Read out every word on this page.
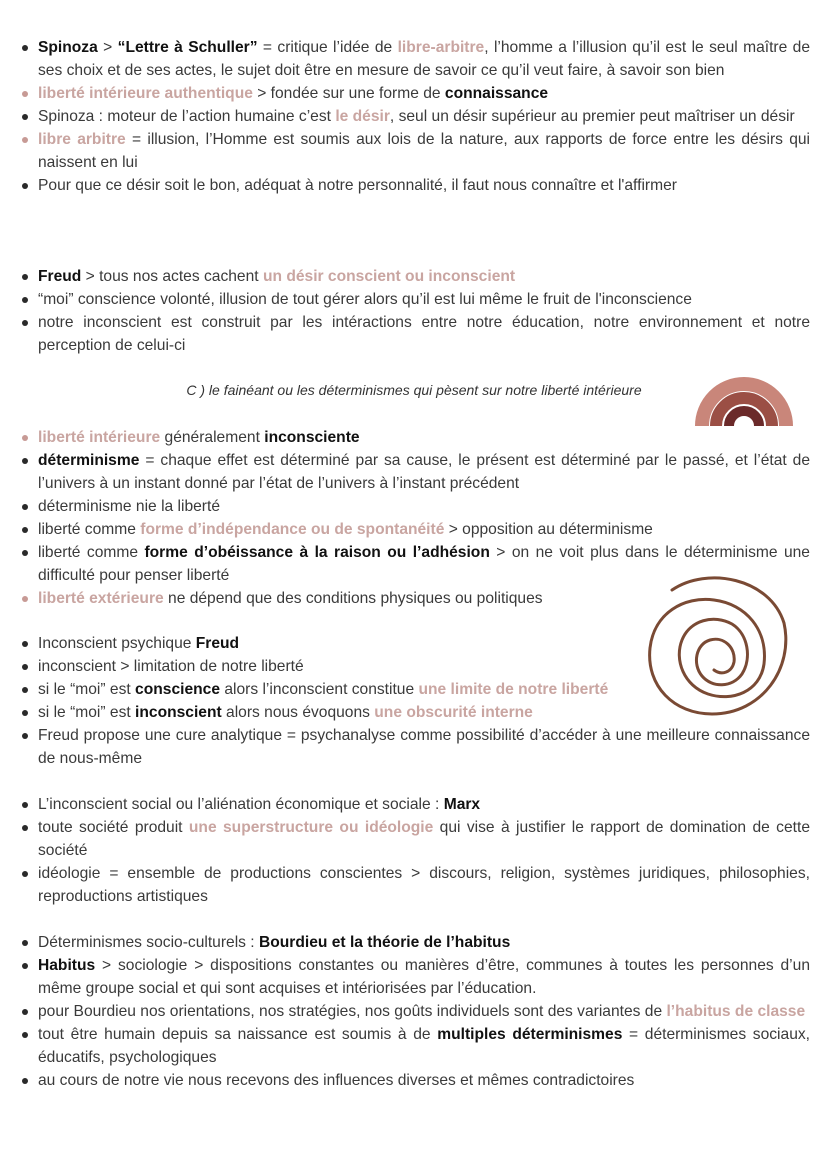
Spinoza > “Lettre à Schuller” = critique l’idée de libre-arbitre, l’homme a l’illusion qu’il est le seul maître de ses choix et de ses actes, le sujet doit être en mesure de savoir ce qu’il veut faire, à savoir son bien
liberté intérieure authentique > fondée sur une forme de connaissance
Spinoza : moteur de l’action humaine c’est le désir, seul un désir supérieur au premier peut maîtriser un désir
libre arbitre = illusion, l’Homme est soumis aux lois de la nature, aux rapports de force entre les désirs qui naissent en lui
Pour que ce désir soit le bon, adéquat à notre personnalité, il faut nous connaître et l'affirmer
Freud > tous nos actes cachent un désir conscient ou inconscient
“moi” conscience volonté, illusion de tout gérer alors qu’il est lui même le fruit de l'inconscience
notre inconscient est construit par les intéractions entre notre éducation, notre environnement et notre perception de celui-ci
C ) le fainéant ou les déterminismes qui pèsent sur notre liberté intérieure
liberté intérieure généralement inconsciente
déterminisme = chaque effet est déterminé par sa cause, le présent est déterminé par le passé, et l’état de l’univers à un instant donné par l’état de l’univers à l’instant précédent
déterminisme nie la liberté
liberté comme forme d’indépendance ou de spontanéité > opposition au déterminisme
liberté comme forme d’obéissance à la raison ou l’adhésion > on ne voit plus dans le déterminisme une difficulté pour penser liberté
liberté extérieure ne dépend que des conditions physiques ou politiques
Inconscient psychique Freud
inconscient > limitation de notre liberté
si le “moi” est conscience alors l’inconscient constitue une limite de notre liberté
si le “moi” est inconscient alors nous évoquons une obscurité interne
Freud propose une cure analytique = psychanalyse comme possibilité d’accéder à une meilleure connaissance de nous-même
L’inconscient social ou l’aliénation économique et sociale : Marx
toute société produit une superstructure ou idéologie qui vise à justifier le rapport de domination de cette société
idéologie = ensemble de productions conscientes > discours, religion, systèmes juridiques, philosophies, reproductions artistiques
Déterminismes socio-culturels : Bourdieu et la théorie de l’habitus
Habitus > sociologie > dispositions constantes ou manières d’être, communes à toutes les personnes d’un même groupe social et qui sont acquises et intériorisées par l’éducation.
pour Bourdieu nos orientations, nos stratégies, nos goûts individuels sont des variantes de l’habitus de classe
tout être humain depuis sa naissance est soumis à de multiples déterminismes = déterminismes sociaux, éducatifs, psychologiques
au cours de notre vie nous recevons des influences diverses et mêmes contradictoires
